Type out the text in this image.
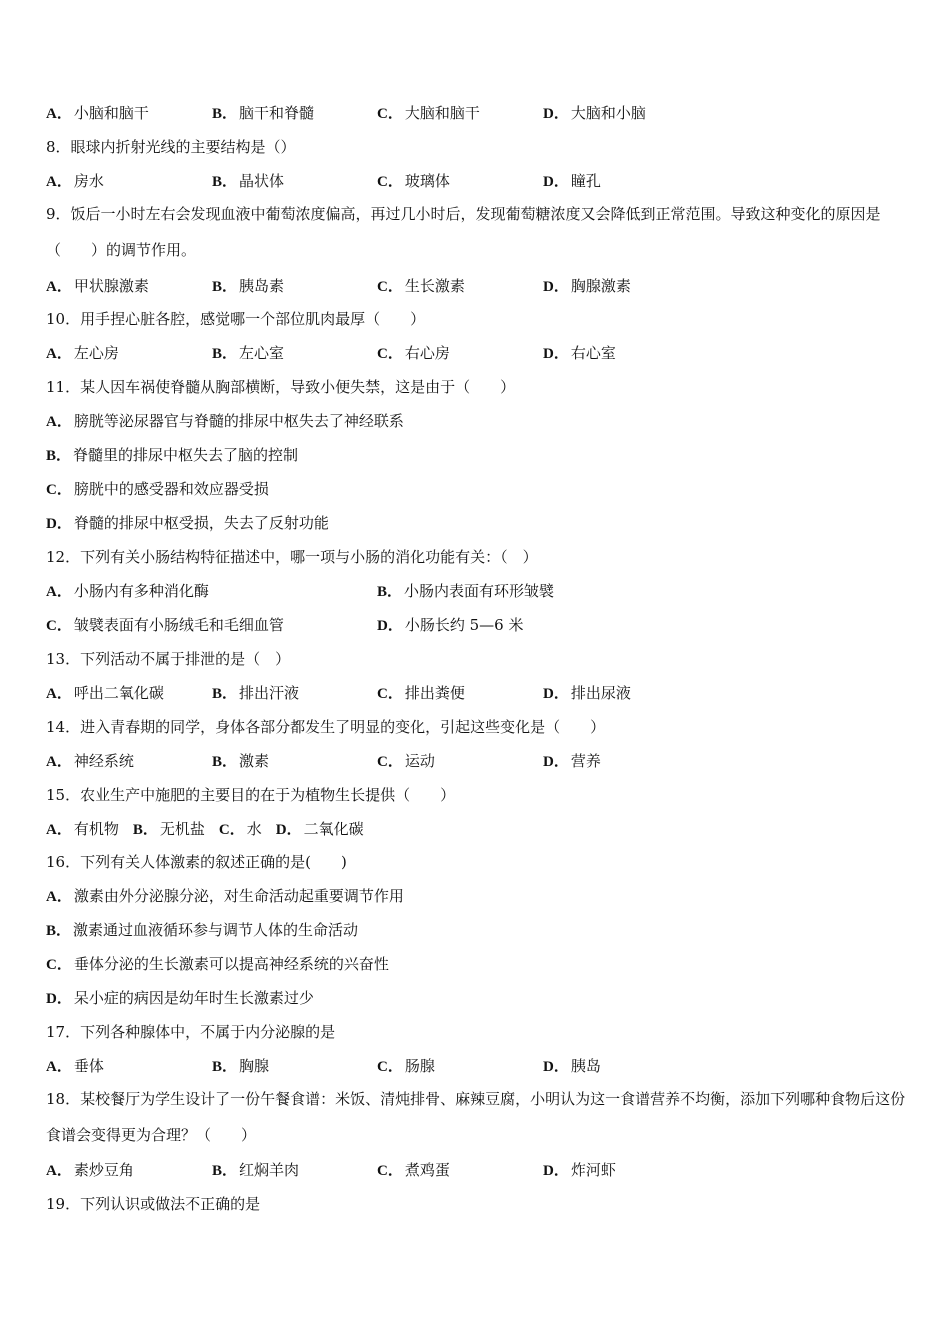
A． 小脑和脑干	B． 脑干和脊髓	C． 大脑和脑干	D． 大脑和小脑
8．眼球内折射光线的主要结构是（）
A． 房水	B． 晶状体	C． 玻璃体	D． 瞳孔
9．饭后一小时左右会发现血液中葡萄浓度偏高，再过几小时后，发现葡萄糖浓度又会降低到正常范围。导致这种变化的原因是（　　）的调节作用。
A． 甲状腺激素	B． 胰岛素	C． 生长激素	D． 胸腺激素
10．用手捏心脏各腔，感觉哪一个部位肌肉最厚（　　）
A． 左心房	B． 左心室	C． 右心房	D． 右心室
11．某人因车祸使脊髓从胸部横断，导致小便失禁，这是由于（　　）
A． 膀胱等泌尿器官与脊髓的排尿中枢失去了神经联系
B． 脊髓里的排尿中枢失去了脑的控制
C． 膀胱中的感受器和效应器受损
D． 脊髓的排尿中枢受损，失去了反射功能
12．下列有关小肠结构特征描述中，哪一项与小肠的消化功能有关：（　）
A． 小肠内有多种消化酶	B． 小肠内表面有环形皱襞
C． 皱襞表面有小肠绒毛和毛细血管	D． 小肠长约 5—6 米
13．下列活动不属于排泄的是（　）
A． 呼出二氧化碳	B． 排出汗液	C． 排出粪便	D． 排出尿液
14．进入青春期的同学，身体各部分都发生了明显的变化，引起这些变化是（　　）
A． 神经系统	B． 激素	C． 运动	D． 营养
15．农业生产中施肥的主要目的在于为植物生长提供（　　）
A． 有机物 B． 无机盐 C． 水 D． 二氧化碳
16．下列有关人体激素的叙述正确的是(　　)
A． 激素由外分泌腺分泌，对生命活动起重要调节作用
B． 激素通过血液循环参与调节人体的生命活动
C． 垂体分泌的生长激素可以提高神经系统的兴奋性
D． 呆小症的病因是幼年时生长激素过少
17．下列各种腺体中，不属于内分泌腺的是
A． 垂体	B． 胸腺	C． 肠腺	D． 胰岛
18．某校餐厅为学生设计了一份午餐食谱：米饭、清炖排骨、麻辣豆腐，小明认为这一食谱营养不均衡，添加下列哪种食物后这份食谱会变得更为合理？（　　）
A． 素炒豆角	B． 红焖羊肉	C． 煮鸡蛋	D． 炸河虾
19．下列认识或做法不正确的是
